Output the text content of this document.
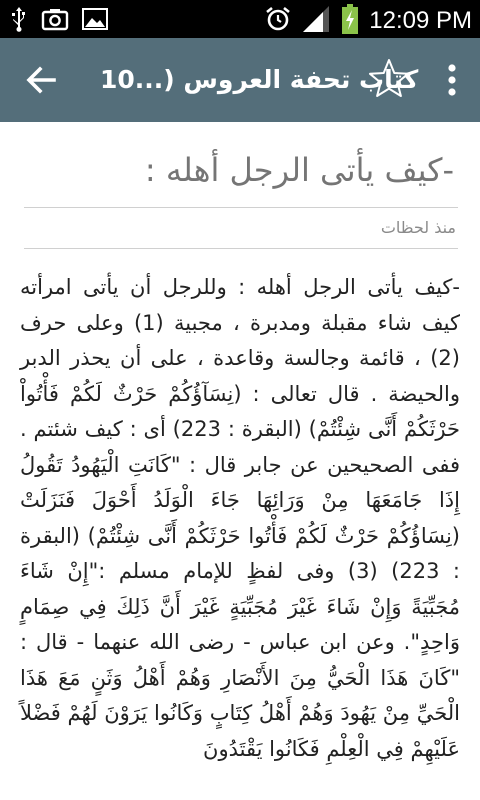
12:09 PM
كتاب تحفة العروس (...10
-كيف يأتى الرجل أهله :
منذ لحظات
-كيف يأتى الرجل أهله : وللرجل أن يأتى امرأته كيف شاء مقبلة ومدبرة ، مجبية (1) وعلى حرف (2) ، قائمة وجالسة وقاعدة ، على أن يحذر الدبر والحيضة . قال تعالى : (نِسَآؤُكُمْ حَرْثٌ لَكُمْ فَأْتُواْ حَرْثَكُمْ أَنَّى شِئْتُمْ) (البقرة : 223) أى : كيف شئتم . ففى الصحيحين عن جابر قال : "كَانَتِ الْيَهُودُ تَقُولُ إِذَا جَامَعَهَا مِنْ وَرَائِهَا جَاءَ الْوَلَدُ أَحْوَلَ فَنَزَلَتْ (نِسَاؤُكُمْ حَرْثٌ لَكُمْ فَأْتُوا حَرْثَكُمْ أَنَّى شِئْتُمْ) (البقرة : 223) (3) وفى لفظٍ للإمام مسلم :"إِنْ شَاءَ مُجَبِّيَةً وَإِنْ شَاءَ غَيْرَ مُجَبِّيَةٍ غَيْرَ أَنَّ ذَلِكَ فِي صِمَامٍ وَاحِدٍ". وعن ابن عباس - رضى الله عنهما - قال : "كَانَ هَذَا الْحَيُّ مِنَ الأَنْصَارِ وَهُمْ أَهْلُ وَثَنٍ مَعَ هَذَا الْحَيِّ مِنْ يَهُودَ وَهُمْ أَهْلُ كِتَابٍ وَكَانُوا يَرَوْنَ لَهُمْ فَضْلاً عَلَيْهِمْ فِي الْعِلْمِ فَكَانُوا يَقْتَدُونَ
